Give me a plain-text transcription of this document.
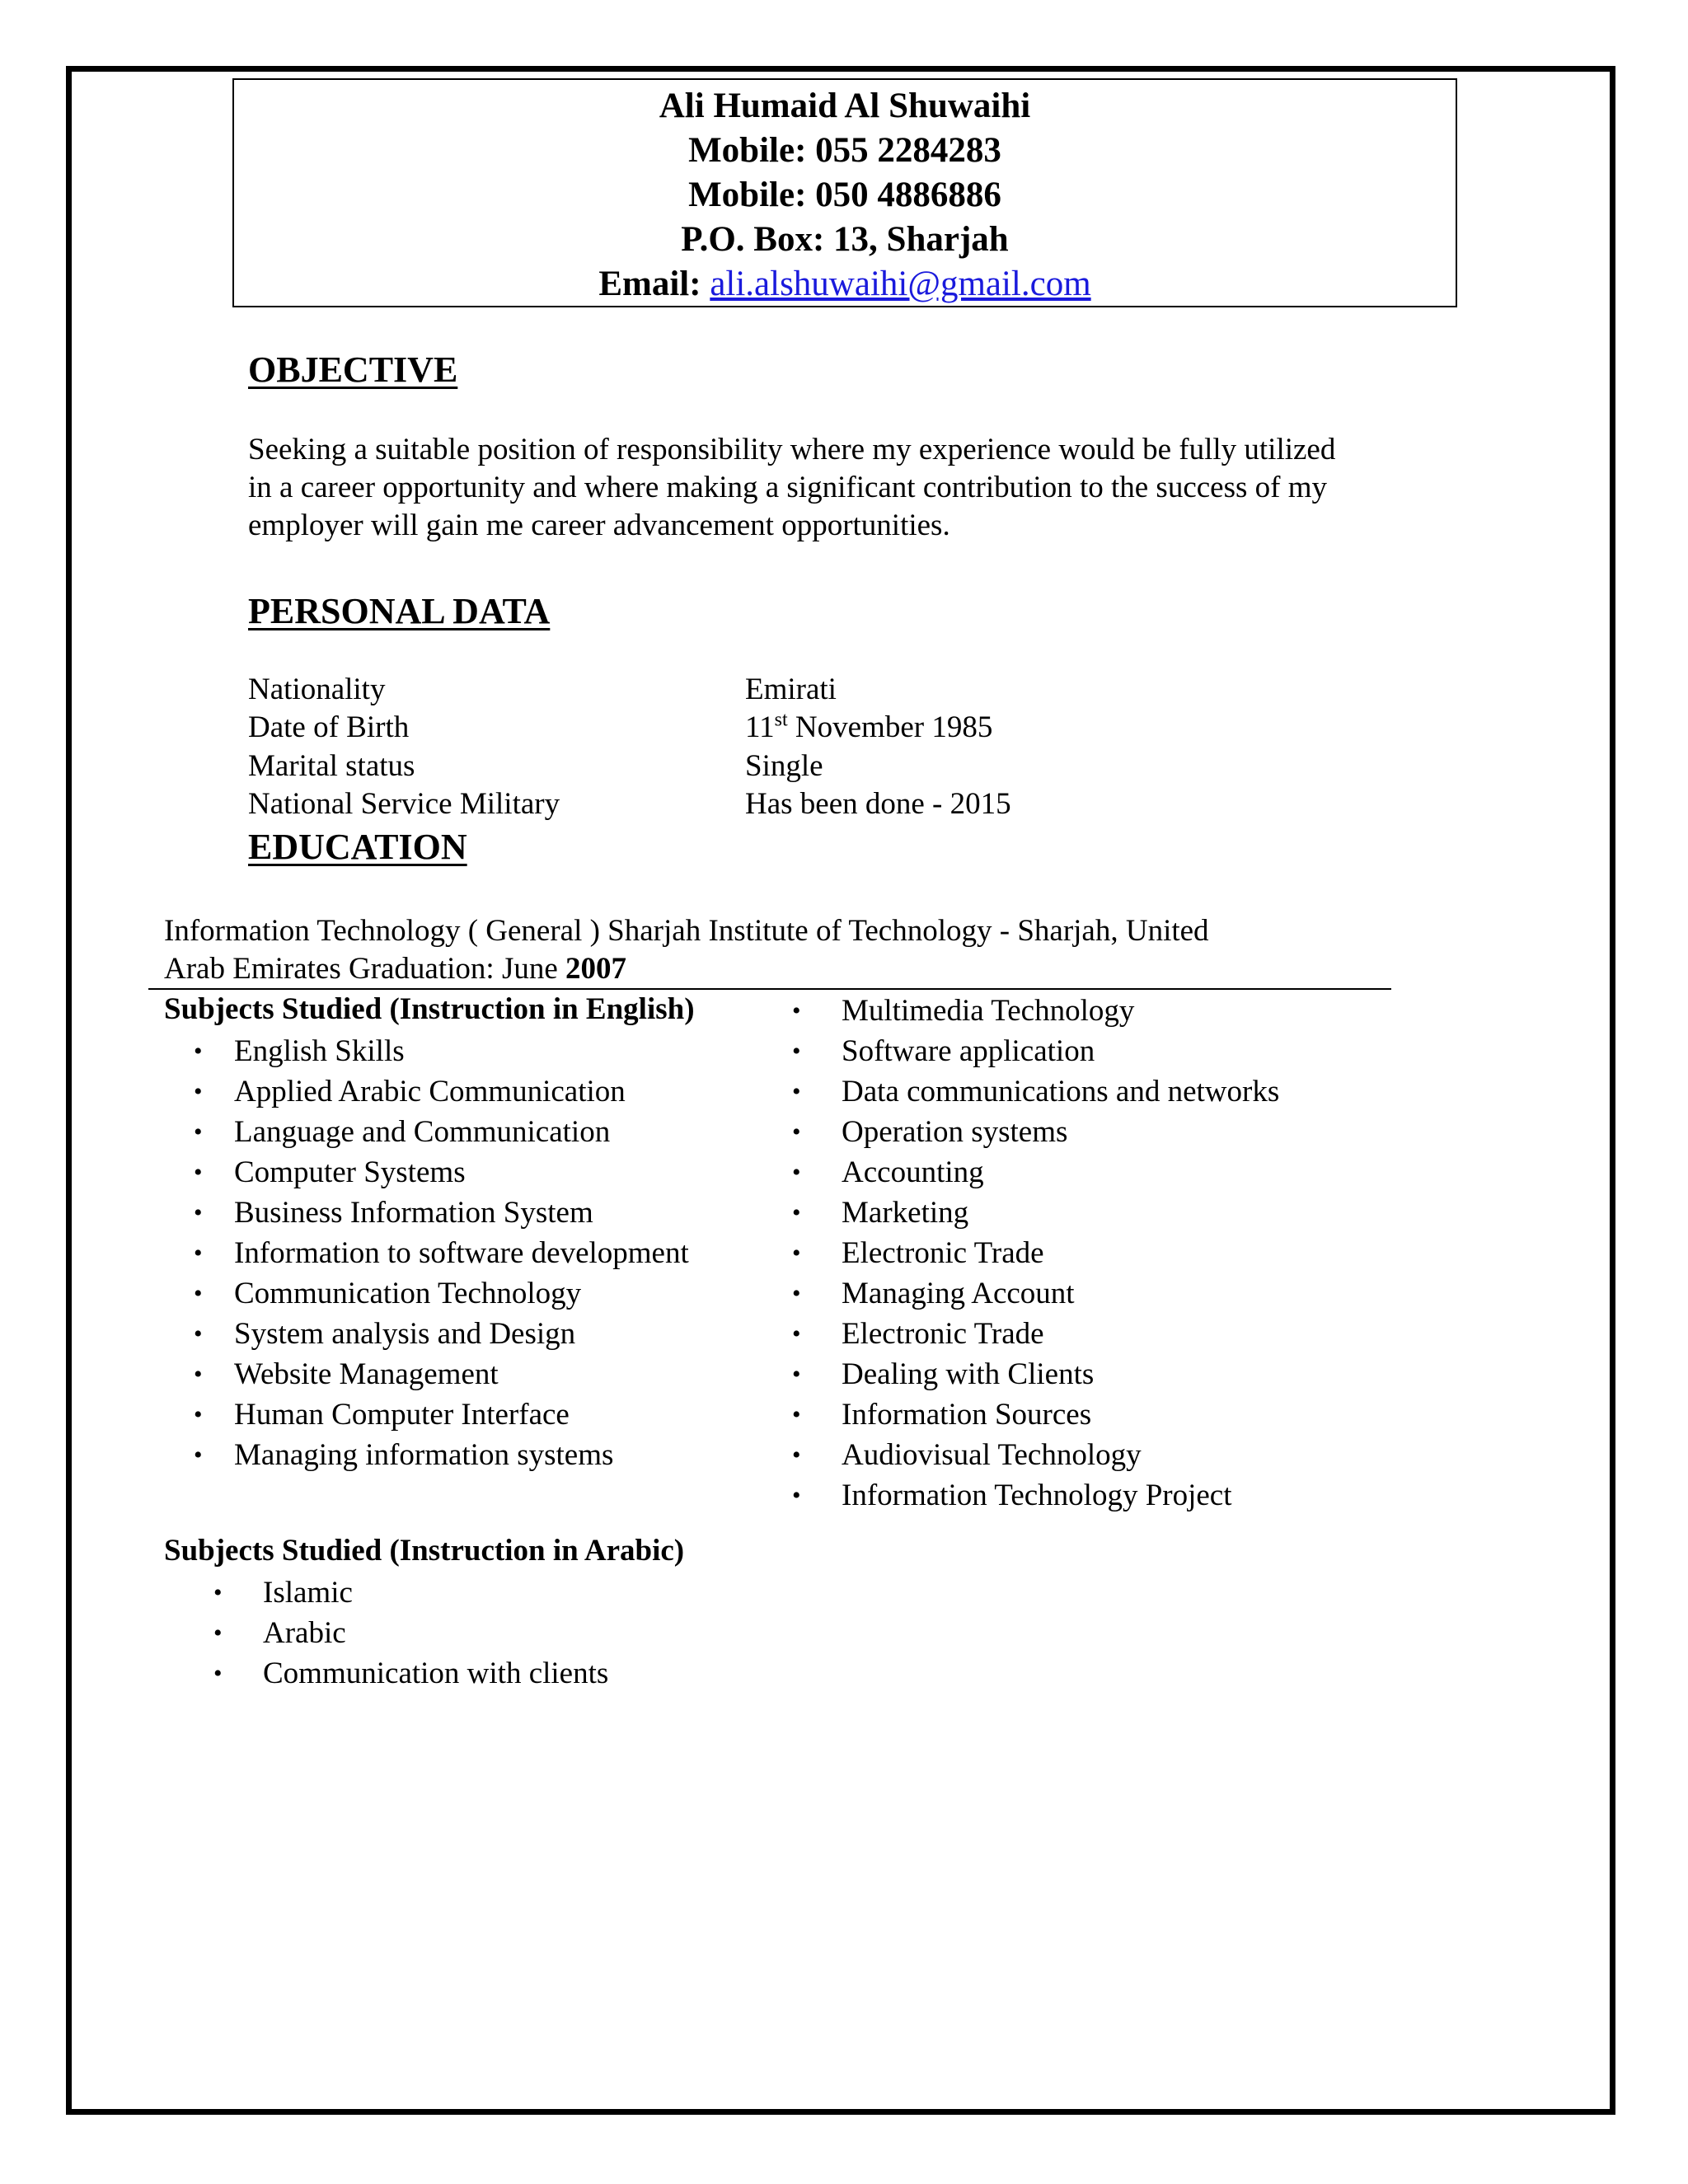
Ali Humaid Al Shuwaihi
Mobile: 055 2284283
Mobile: 050 4886886
P.O. Box: 13, Sharjah
Email: ali.alshuwaihi@gmail.com
OBJECTIVE
Seeking a suitable position of responsibility where my experience would be fully utilized
in a career opportunity and where making a significant contribution to the success of my
employer will gain me career advancement opportunities.
PERSONAL DATA
Nationality	Emirati
Date of Birth	11st November 1985
Marital status	Single
National Service Military	Has been done - 2015
EDUCATION
Information Technology ( General ) Sharjah Institute of Technology - Sharjah, United
Arab Emirates Graduation: June 2007
Subjects Studied (Instruction in English)
• English Skills
• Applied Arabic Communication
• Language and Communication
• Computer Systems
• Business Information System
• Information to software development
• Communication Technology
• System analysis and Design
• Website Management
• Human Computer Interface
• Managing information systems
• Multimedia Technology
• Software application
• Data communications and networks
• Operation systems
• Accounting
• Marketing
• Electronic Trade
• Managing Account
• Electronic Trade
• Dealing with Clients
• Information Sources
• Audiovisual Technology
• Information Technology Project
Subjects Studied (Instruction in Arabic)
• Islamic
• Arabic
• Communication with clients
